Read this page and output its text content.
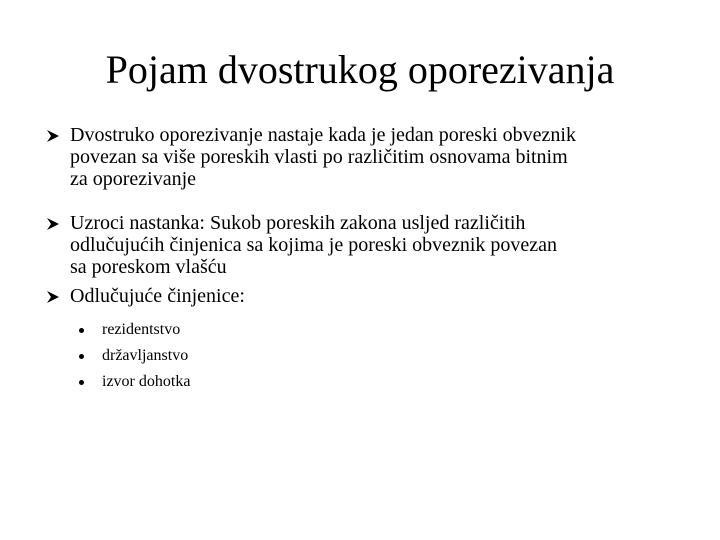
Pojam dvostrukog oporezivanja
Dvostruko oporezivanje nastaje kada je jedan poreski obveznik
povezan sa više poreskih vlasti po različitim osnovama bitnim
za oporezivanje
Uzroci nastanka: Sukob poreskih zakona usljed različitih
odlučujućih činjenica sa kojima je poreski obveznik povezan
sa poreskom vlašću
Odlučujuće činjenice:
rezidentstvo
državljanstvo
izvor dohotka
